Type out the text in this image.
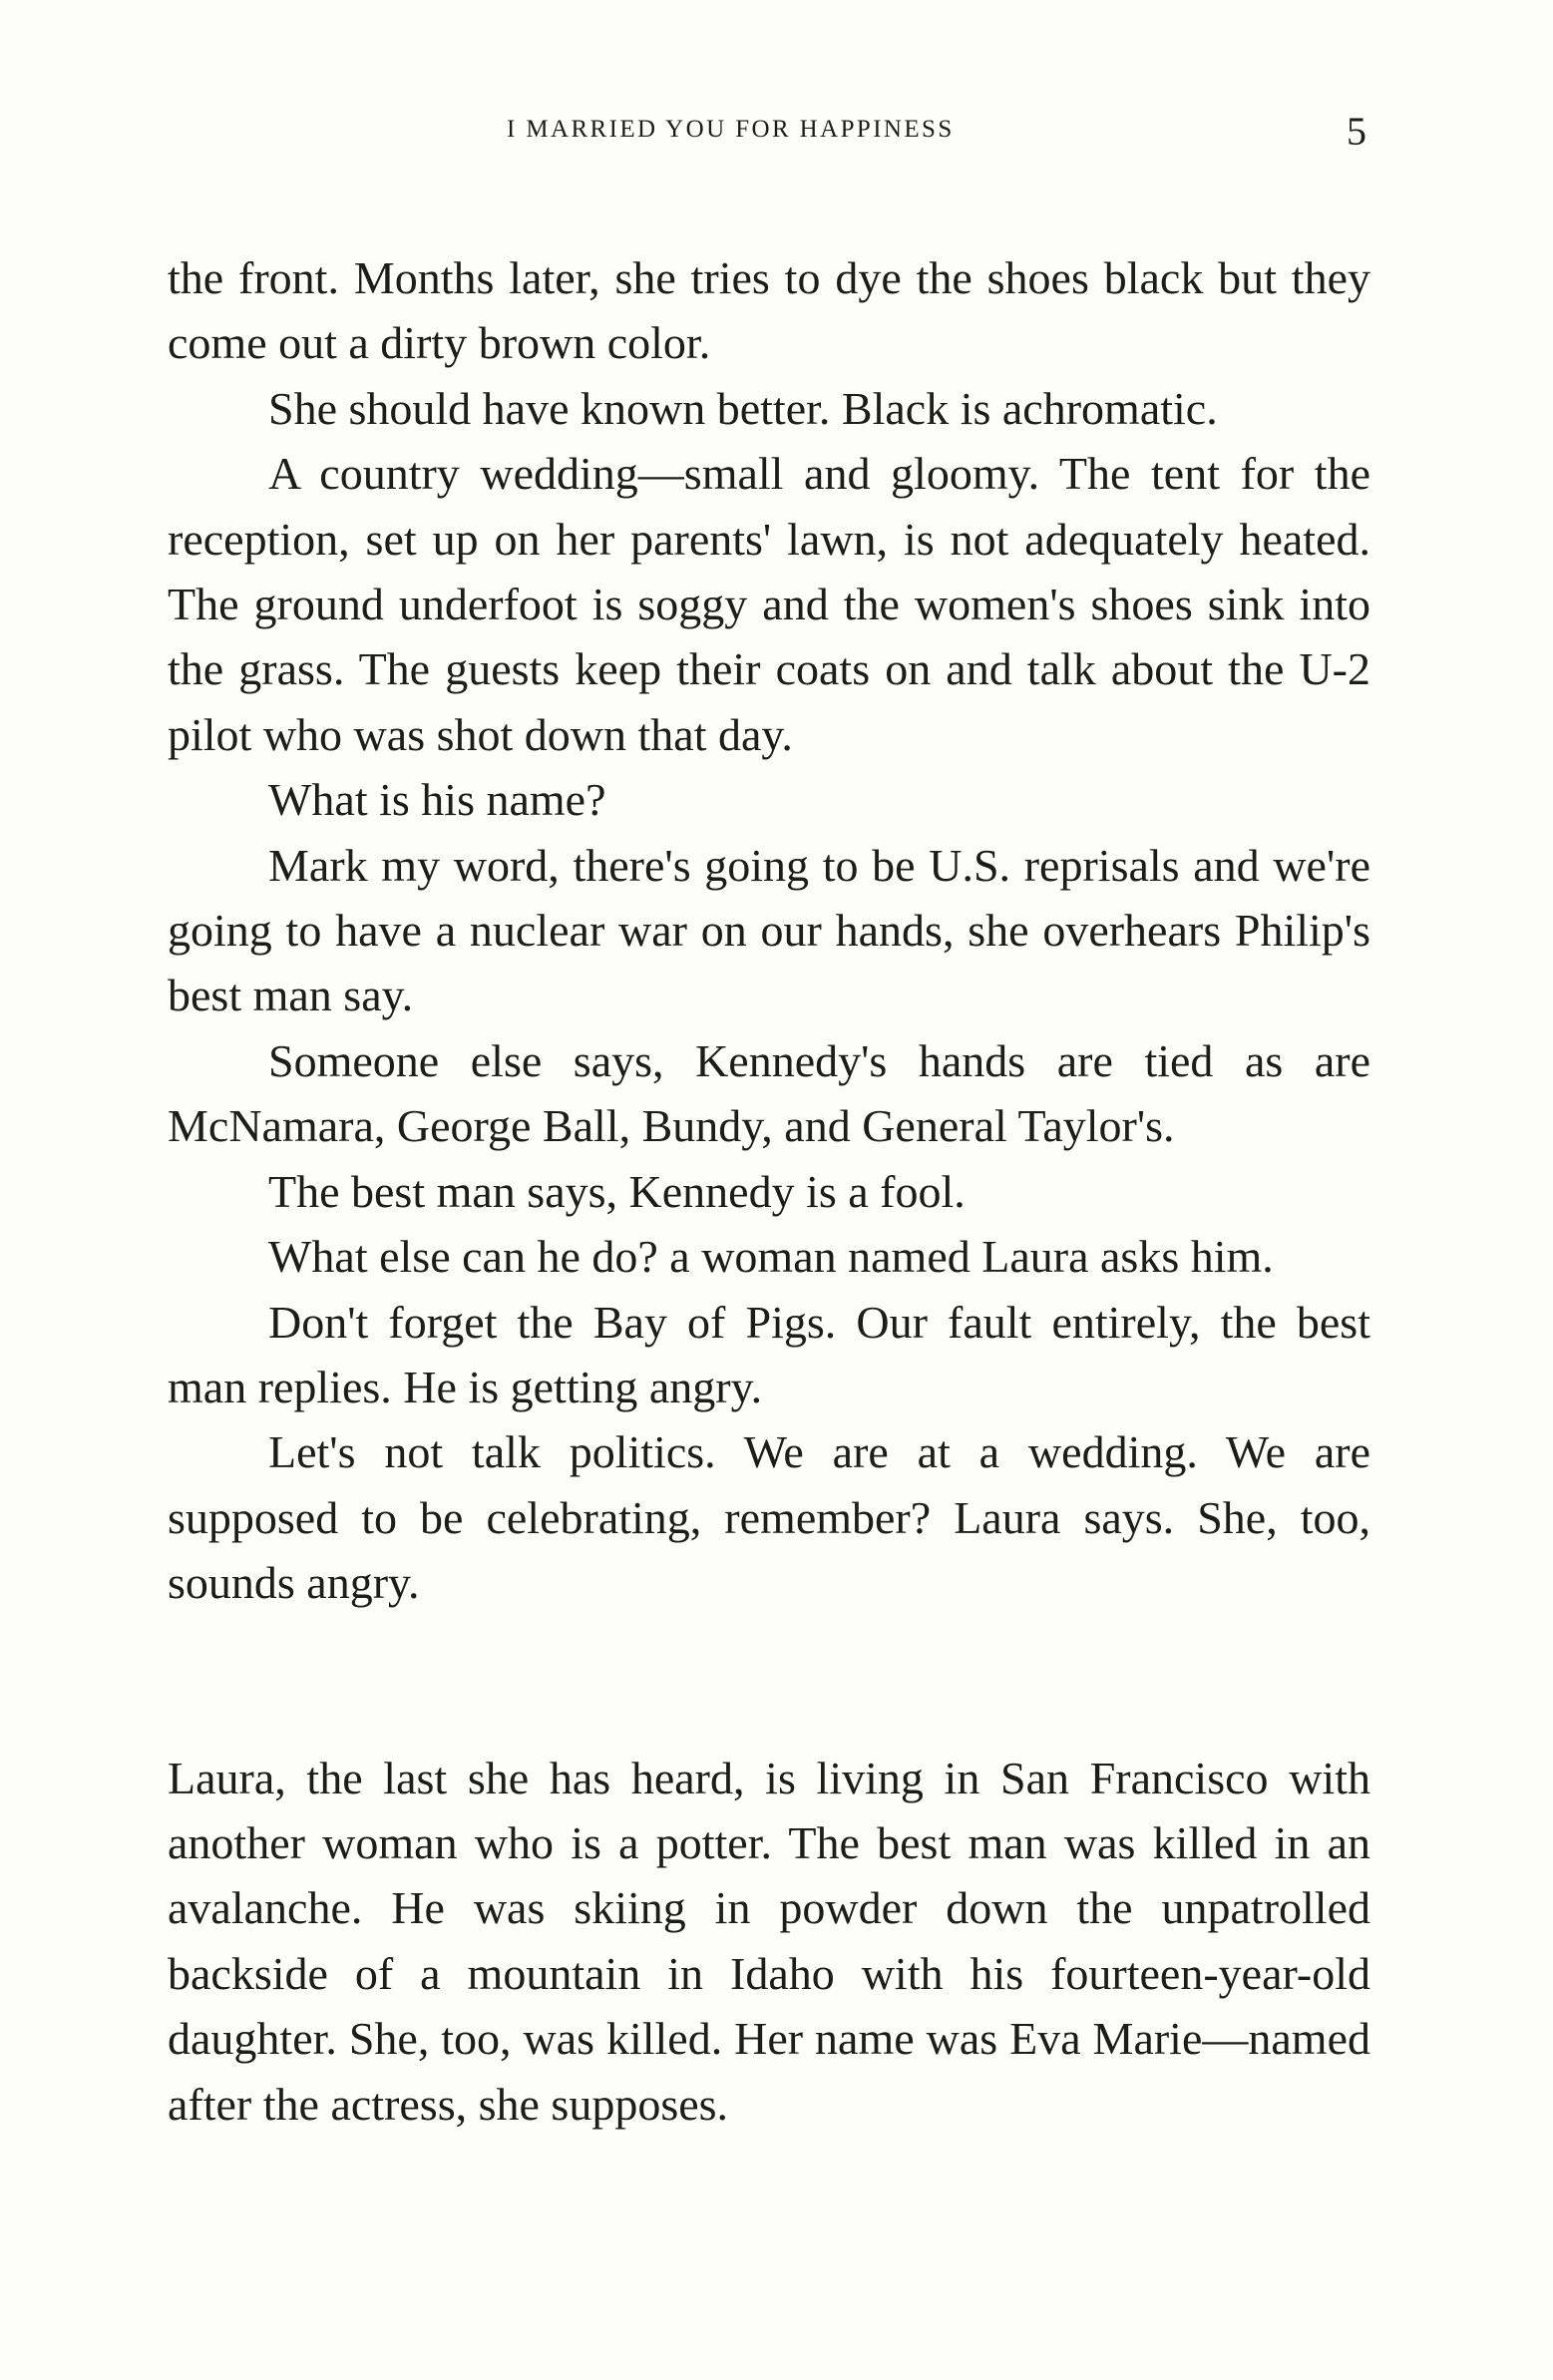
I MARRIED YOU FOR HAPPINESS	5

the front. Months later, she tries to dye the shoes black but they come out a dirty brown color.

She should have known better. Black is achromatic.

A country wedding—small and gloomy. The tent for the reception, set up on her parents' lawn, is not adequately heated. The ground underfoot is soggy and the women's shoes sink into the grass. The guests keep their coats on and talk about the U-2 pilot who was shot down that day.

What is his name?

Mark my word, there's going to be U.S. reprisals and we're going to have a nuclear war on our hands, she overhears Philip's best man say.

Someone else says, Kennedy's hands are tied as are McNamara, George Ball, Bundy, and General Taylor's.

The best man says, Kennedy is a fool.

What else can he do? a woman named Laura asks him.

Don't forget the Bay of Pigs. Our fault entirely, the best man replies. He is getting angry.

Let's not talk politics. We are at a wedding. We are supposed to be celebrating, remember? Laura says. She, too, sounds angry.

Laura, the last she has heard, is living in San Francisco with another woman who is a potter. The best man was killed in an avalanche. He was skiing in powder down the unpatrolled backside of a mountain in Idaho with his fourteen-year-old daughter. She, too, was killed. Her name was Eva Marie—named after the actress, she supposes.
